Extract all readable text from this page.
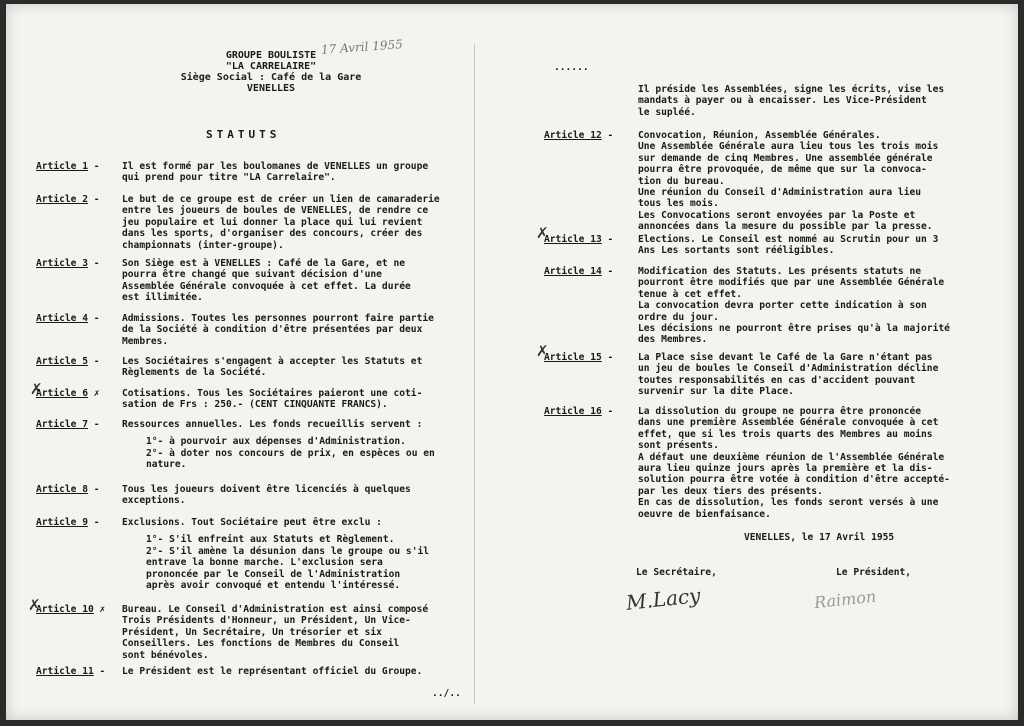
GROUPE BOULISTE
"LA CARRELAIRE"
Siège Social : Café de la Gare
VENELLES
17 Avril 1955
STATUTS
Article 1 -	Il est formé par les boulomanes de VENELLES un groupe
qui prend pour titre "LA Carrelaire".
Article 2 -	Le but de ce groupe est de créer un lien de camaraderie
entre les joueurs de boules de VENELLES, de rendre ce
jeu populaire et lui donner la place qui lui revient
dans les sports, d'organiser des concours, créer des
championnats (inter-groupe).
Article 3 -	Son Siège est à VENELLES : Café de la Gare, et ne
pourra être changé que suivant décision d'une
Assemblée Générale convoquée à cet effet. La durée
est illimitée.
Article 4 -	Admissions. Toutes les personnes pourront faire partie
de la Société à condition d'être présentées par deux
Membres.
Article 5 -	Les Sociétaires s'engagent à accepter les Statuts et
Règlements de la Société.
✗
Article 6 ✗	Cotisations. Tous les Sociétaires paieront une coti-
sation de Frs : 250.- (CENT CINQUANTE FRANCS).
Article 7 -	Ressources annuelles. Les fonds recueillis servent :
1°- à pourvoir aux dépenses d'Administration.
2°- à doter nos concours de prix, en espèces ou en
nature.
Article 8 -	Tous les joueurs doivent être licenciés à quelques
exceptions.
Article 9 -	Exclusions. Tout Sociétaire peut être exclu :
1°- S'il enfreint aux Statuts et Règlement.
2°- S'il amène la désunion dans le groupe ou s'il
entrave la bonne marche. L'exclusion sera
prononcée par le Conseil de l'Administration
après avoir convoqué et entendu l'intéressé.
✗
Article 10 ✗	Bureau. Le Conseil d'Administration est ainsi composé
Trois Présidents d'Honneur, un Président, Un Vice-
Président, Un Secrétaire, Un trésorier et six
Conseillers. Les fonctions de Membres du Conseil
sont bénévoles.
Article 11 -	Le Président est le représentant officiel du Groupe.
../..
......
Il préside les Assemblées, signe les écrits, vise les
mandats à payer ou à encaisser. Les Vice-Président
le supléé.
Article 12 -	Convocation, Réunion, Assemblée Générales.
Une Assemblée Générale aura lieu tous les trois mois
sur demande de cinq Membres. Une assemblée générale
pourra être provoquée, de même que sur la convoca-
tion du bureau.
Une réunion du Conseil d'Administration aura lieu
tous les mois.
Les Convocations seront envoyées par la Poste et
annoncées dans la mesure du possible par la presse.
✗
Article 13 -	Elections. Le Conseil est nommé au Scrutin pour un 3
Ans Les sortants sont rééligibles.
Article 14 -	Modification des Statuts. Les présents statuts ne
pourront être modifiés que par une Assemblée Générale
tenue à cet effet.
La convocation devra porter cette indication à son
ordre du jour.
Les décisions ne pourront être prises qu'à la majorité
des Membres.
✗
Article 15 -	La Place sise devant le Café de la Gare n'étant pas
un jeu de boules le Conseil d'Administration décline
toutes responsabilités en cas d'accident pouvant
survenir sur la dite Place.
Article 16 -	La dissolution du groupe ne pourra être prononcée
dans une première Assemblée Générale convoquée à cet
effet, que si les trois quarts des Membres au moins
sont présents.
A défaut une deuxième réunion de l'Assemblée Générale
aura lieu quinze jours après la première et la dis-
solution pourra être votée à condition d'être accepté-
par les deux tiers des présents.
En cas de dissolution, les fonds seront versés à une
oeuvre de bienfaisance.
VENELLES, le 17 Avril 1955
Le Secrétaire,	Le Président,
M.Lacy	Raimon
